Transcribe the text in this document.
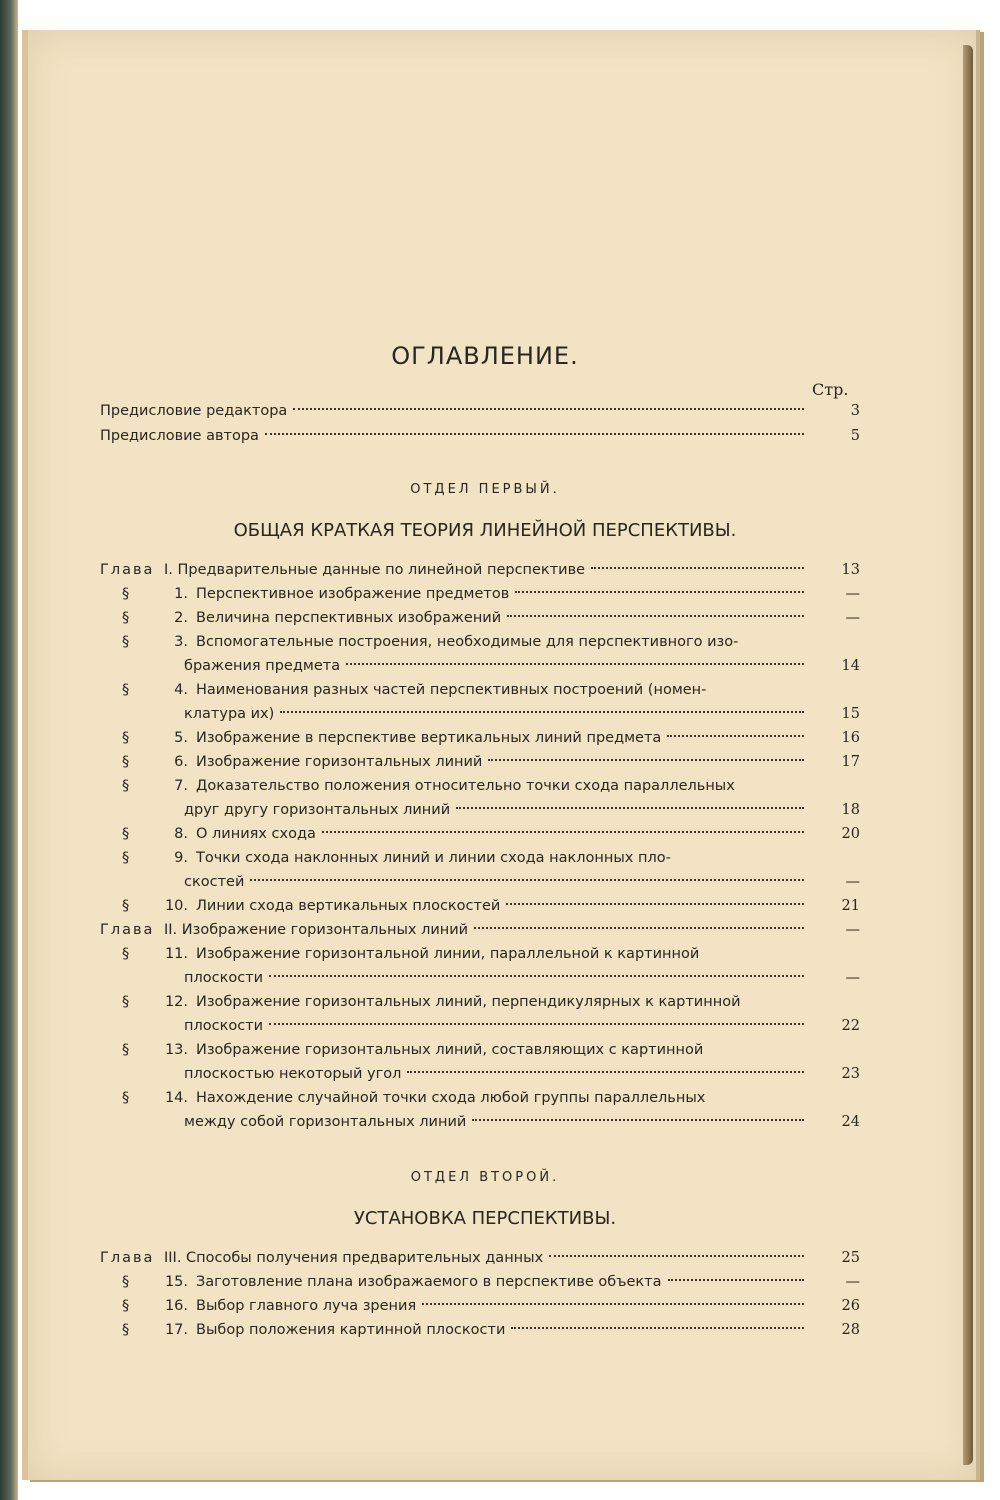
ОГЛАВЛЕНИЕ.
Стр.
Предисловие редактора	3
Предисловие автора	5
ОТДЕЛ ПЕРВЫЙ.
ОБЩАЯ КРАТКАЯ ТЕОРИЯ ЛИНЕЙНОЙ ПЕРСПЕКТИВЫ.
Глава I. Предварительные данные по линейной перспективе	13
§	1. Перспективное изображение предметов	—
§	2. Величина перспективных изображений	—
§	3. Вспомогательные построения, необходимые для перспективного изо-
бражения предмета	14
§	4. Наименования разных частей перспективных построений (номен-
клатура их)	15
§	5. Изображение в перспективе вертикальных линий предмета	16
§	6. Изображение горизонтальных линий	17
§	7. Доказательство положения относительно точки схода параллельных
друг другу горизонтальных линий	18
§	8. О линиях схода	20
§	9. Точки схода наклонных линий и линии схода наклонных пло-
скостей	—
§	10. Линии схода вертикальных плоскостей	21
Глава II. Изображение горизонтальных линий	—
§	11. Изображение горизонтальной линии, параллельной к картинной
плоскости	—
§	12. Изображение горизонтальных линий, перпендикулярных к картинной
плоскости	22
§	13. Изображение горизонтальных линий, составляющих с картинной
плоскостью некоторый угол	23
§	14. Нахождение случайной точки схода любой группы параллельных
между собой горизонтальных линий	24
ОТДЕЛ ВТОРОЙ.
УСТАНОВКА ПЕРСПЕКТИВЫ.
Глава III. Способы получения предварительных данных	25
§	15. Заготовление плана изображаемого в перспективе объекта	—
§	16. Выбор главного луча зрения	26
§	17. Выбор положения картинной плоскости	28
